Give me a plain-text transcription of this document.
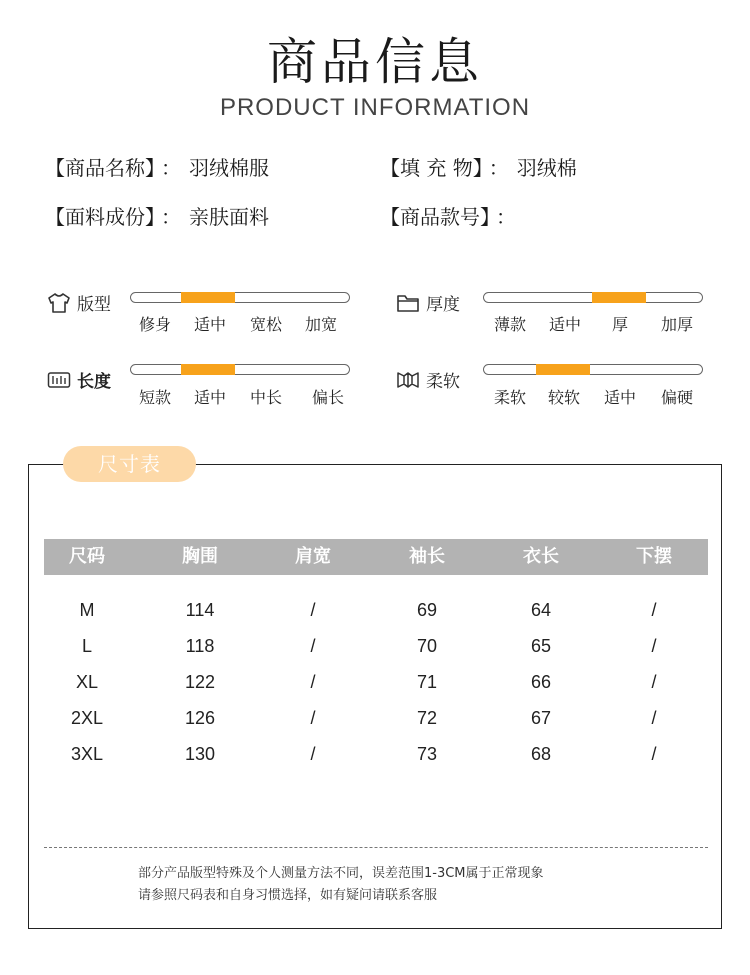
商品信息
PRODUCT INFORMATION
【商品名称】 ： 羽绒棉服	【填 充 物】 ： 羽绒棉
【面料成份】 ： 亲肤面料	【商品款号】 ：
版型
修身 适中 宽松 加宽
厚度
薄款 适中 厚 加厚
长度
短款 适中 中长 偏长
柔软
柔软 较软 适中 偏硬
尺寸表
尺码	胸围	肩宽	袖长	衣长	下摆
M	114	/	69	64	/
L	118	/	70	65	/
XL	122	/	71	66	/
2XL	126	/	72	67	/
3XL	130	/	73	68	/
部分产品版型特殊及个人测量方法不同，误差范围1-3CM属于正常现象
请参照尺码表和自身习惯选择，如有疑问请联系客服
